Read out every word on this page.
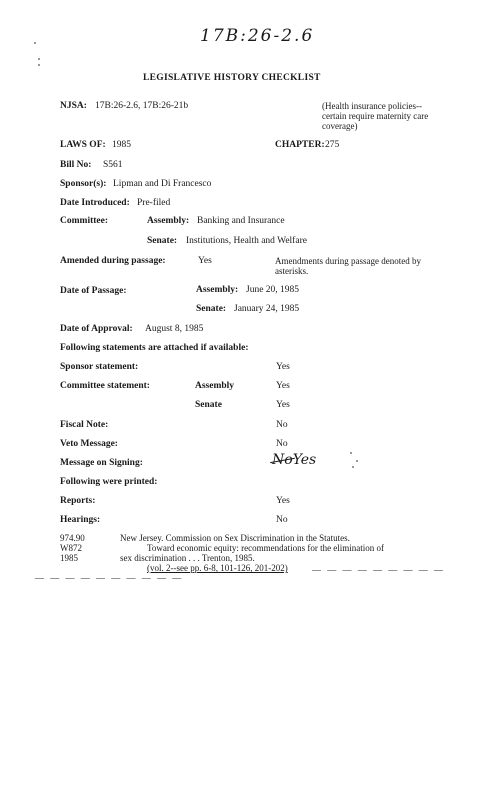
17B:26-2.6
LEGISLATIVE HISTORY CHECKLIST
NJSA: 17B:26-2.6, 17B:26-21b	(Health insurance policies--certain require maternity care coverage)
LAWS OF: 1985	CHAPTER: 275
Bill No: S561
Sponsor(s): Lipman and Di Francesco
Date Introduced: Pre-filed
Committee:	Assembly: Banking and Insurance
Senate: Institutions, Health and Welfare
Amended during passage:	Yes	Amendments during passage denoted by asterisks.
Date of Passage:	Assembly: June 20, 1985
Senate: January 24, 1985
Date of Approval: August 8, 1985
Following statements are attached if available:
Sponsor statement:	Yes
Committee statement:	Assembly	Yes
Senate	Yes
Fiscal Note:	No
Veto Message:	No
Message on Signing:	NoYes
Following were printed:
Reports:	Yes
Hearings:	No
974.90
W872
1985
New Jersey. Commission on Sex Discrimination in the Statutes.
Toward economic equity: recommendations for the elimination of
sex discrimination . . . Trenton, 1985.
(vol. 2--see pp. 6-8, 101-126, 201-202)	— — — — — — — — —
— — — — — — — — — —
